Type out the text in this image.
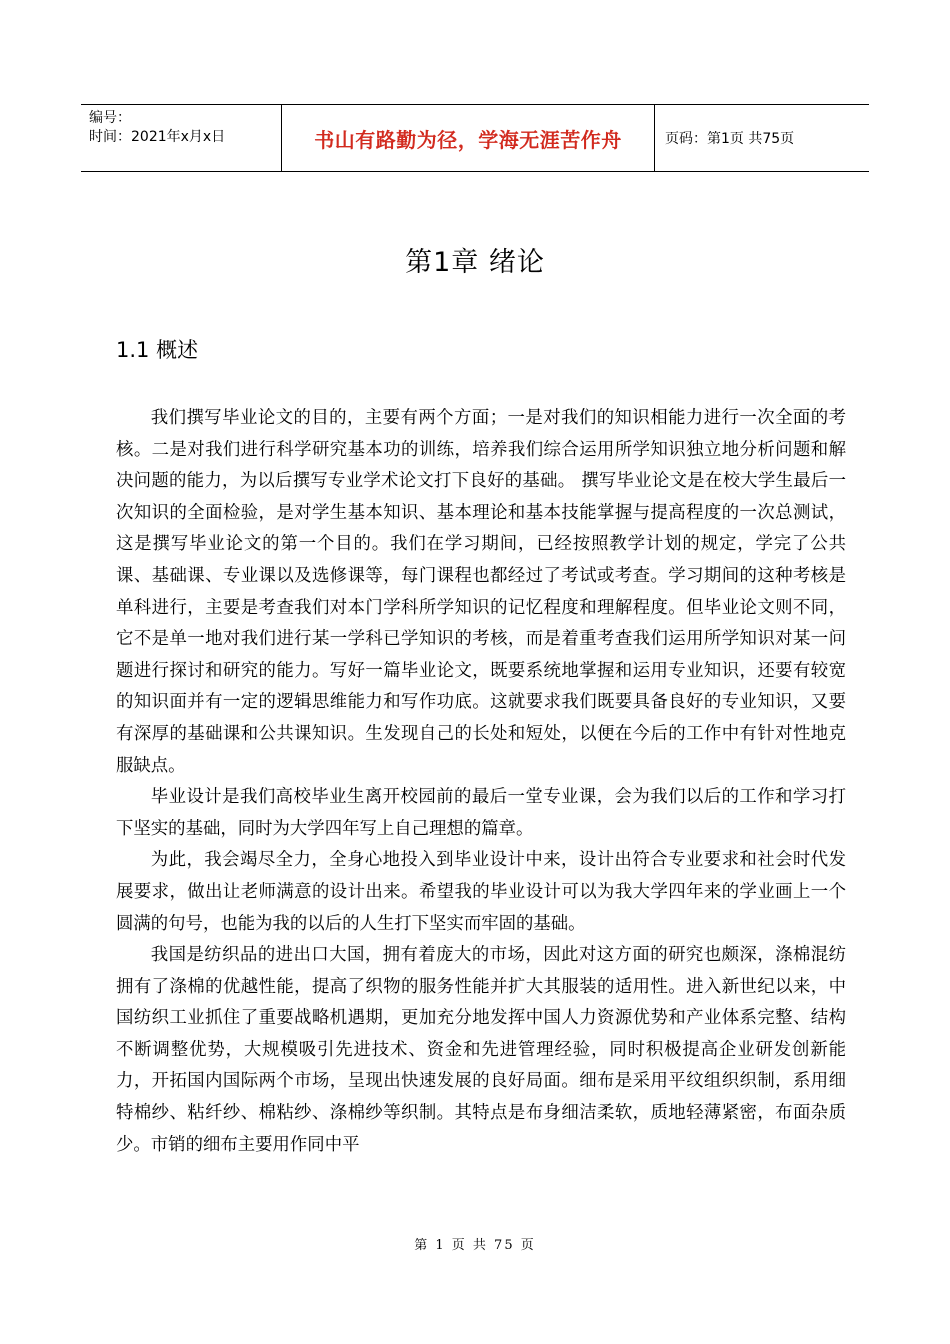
编号：
时间：2021年x月x日	书山有路勤为径，学海无涯苦作舟	页码：第1页 共75页
第1章 绪论
1.1 概述

我们撰写毕业论文的目的，主要有两个方面；一是对我们的知识相能力进行一次全面的考核。二是对我们进行科学研究基本功的训练，培养我们综合运用所学知识独立地分析问题和解决问题的能力，为以后撰写专业学术论文打下良好的基础。 撰写毕业论文是在校大学生最后一次知识的全面检验，是对学生基本知识、基本理论和基本技能掌握与提高程度的一次总测试，这是撰写毕业论文的第一个目的。我们在学习期间，已经按照教学计划的规定，学完了公共课、基础课、专业课以及选修课等，每门课程也都经过了考试或考查。学习期间的这种考核是单科进行，主要是考查我们对本门学科所学知识的记忆程度和理解程度。但毕业论文则不同，它不是单一地对我们进行某一学科已学知识的考核，而是着重考查我们运用所学知识对某一问题进行探讨和研究的能力。写好一篇毕业论文，既要系统地掌握和运用专业知识，还要有较宽的知识面并有一定的逻辑思维能力和写作功底。这就要求我们既要具备良好的专业知识，又要有深厚的基础课和公共课知识。生发现自己的长处和短处，以便在今后的工作中有针对性地克服缺点。

毕业设计是我们高校毕业生离开校园前的最后一堂专业课，会为我们以后的工作和学习打下坚实的基础，同时为大学四年写上自己理想的篇章。

为此，我会竭尽全力，全身心地投入到毕业设计中来，设计出符合专业要求和社会时代发展要求，做出让老师满意的设计出来。希望我的毕业设计可以为我大学四年来的学业画上一个圆满的句号，也能为我的以后的人生打下坚实而牢固的基础。

我国是纺织品的进出口大国，拥有着庞大的市场，因此对这方面的研究也颇深，涤棉混纺拥有了涤棉的优越性能，提高了织物的服务性能并扩大其服装的适用性。进入新世纪以来，中国纺织工业抓住了重要战略机遇期，更加充分地发挥中国人力资源优势和产业体系完整、结构不断调整优势，大规模吸引先进技术、资金和先进管理经验，同时积极提高企业研发创新能力，开拓国内国际两个市场，呈现出快速发展的良好局面。细布是采用平纹组织织制，系用细特棉纱、粘纤纱、棉粘纱、涤棉纱等织制。其特点是布身细洁柔软，质地轻薄紧密，布面杂质少。市销的细布主要用作同中平

第 1 页 共 75 页
